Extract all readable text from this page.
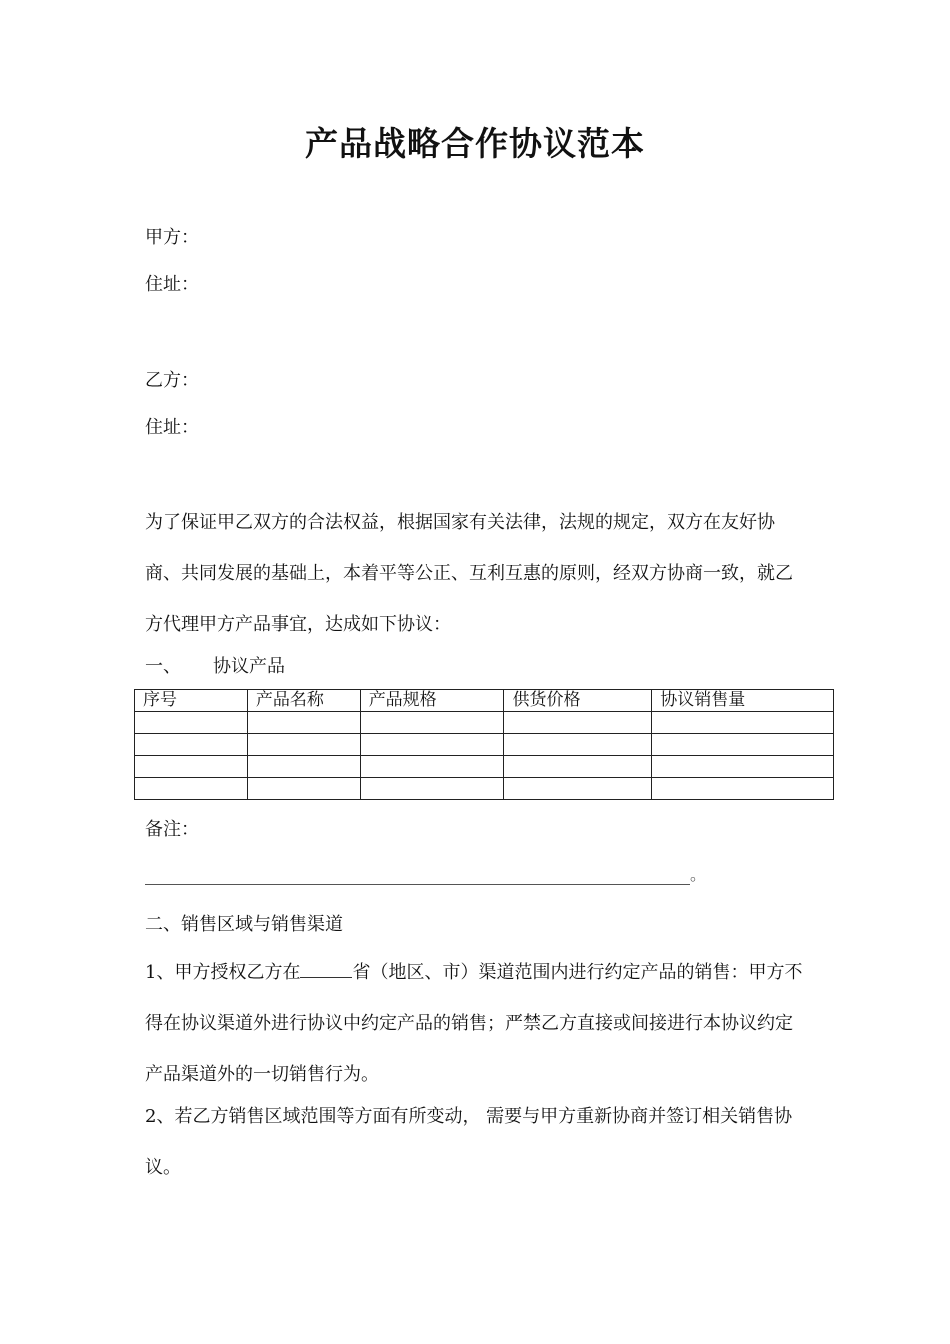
产品战略合作协议范本
甲方：
住址：
乙方：
住址：
为了保证甲乙双方的合法权益，根据国家有关法律，法规的规定，双方在友好协商、共同发展的基础上，本着平等公正、互利互惠的原则，经双方协商一致，就乙方代理甲方产品事宜，达成如下协议：
一、 协议产品
序号	产品名称	产品规格	供货价格	协议销售量

备注：
。
二、销售区域与销售渠道
1、甲方授权乙方在	省（地区、市）渠道范围内进行约定产品的销售：甲方不得在协议渠道外进行协议中约定产品的销售；严禁乙方直接或间接进行本协议约定产品渠道外的一切销售行为。
2、若乙方销售区域范围等方面有所变动， 需要与甲方重新协商并签订相关销售协议。
